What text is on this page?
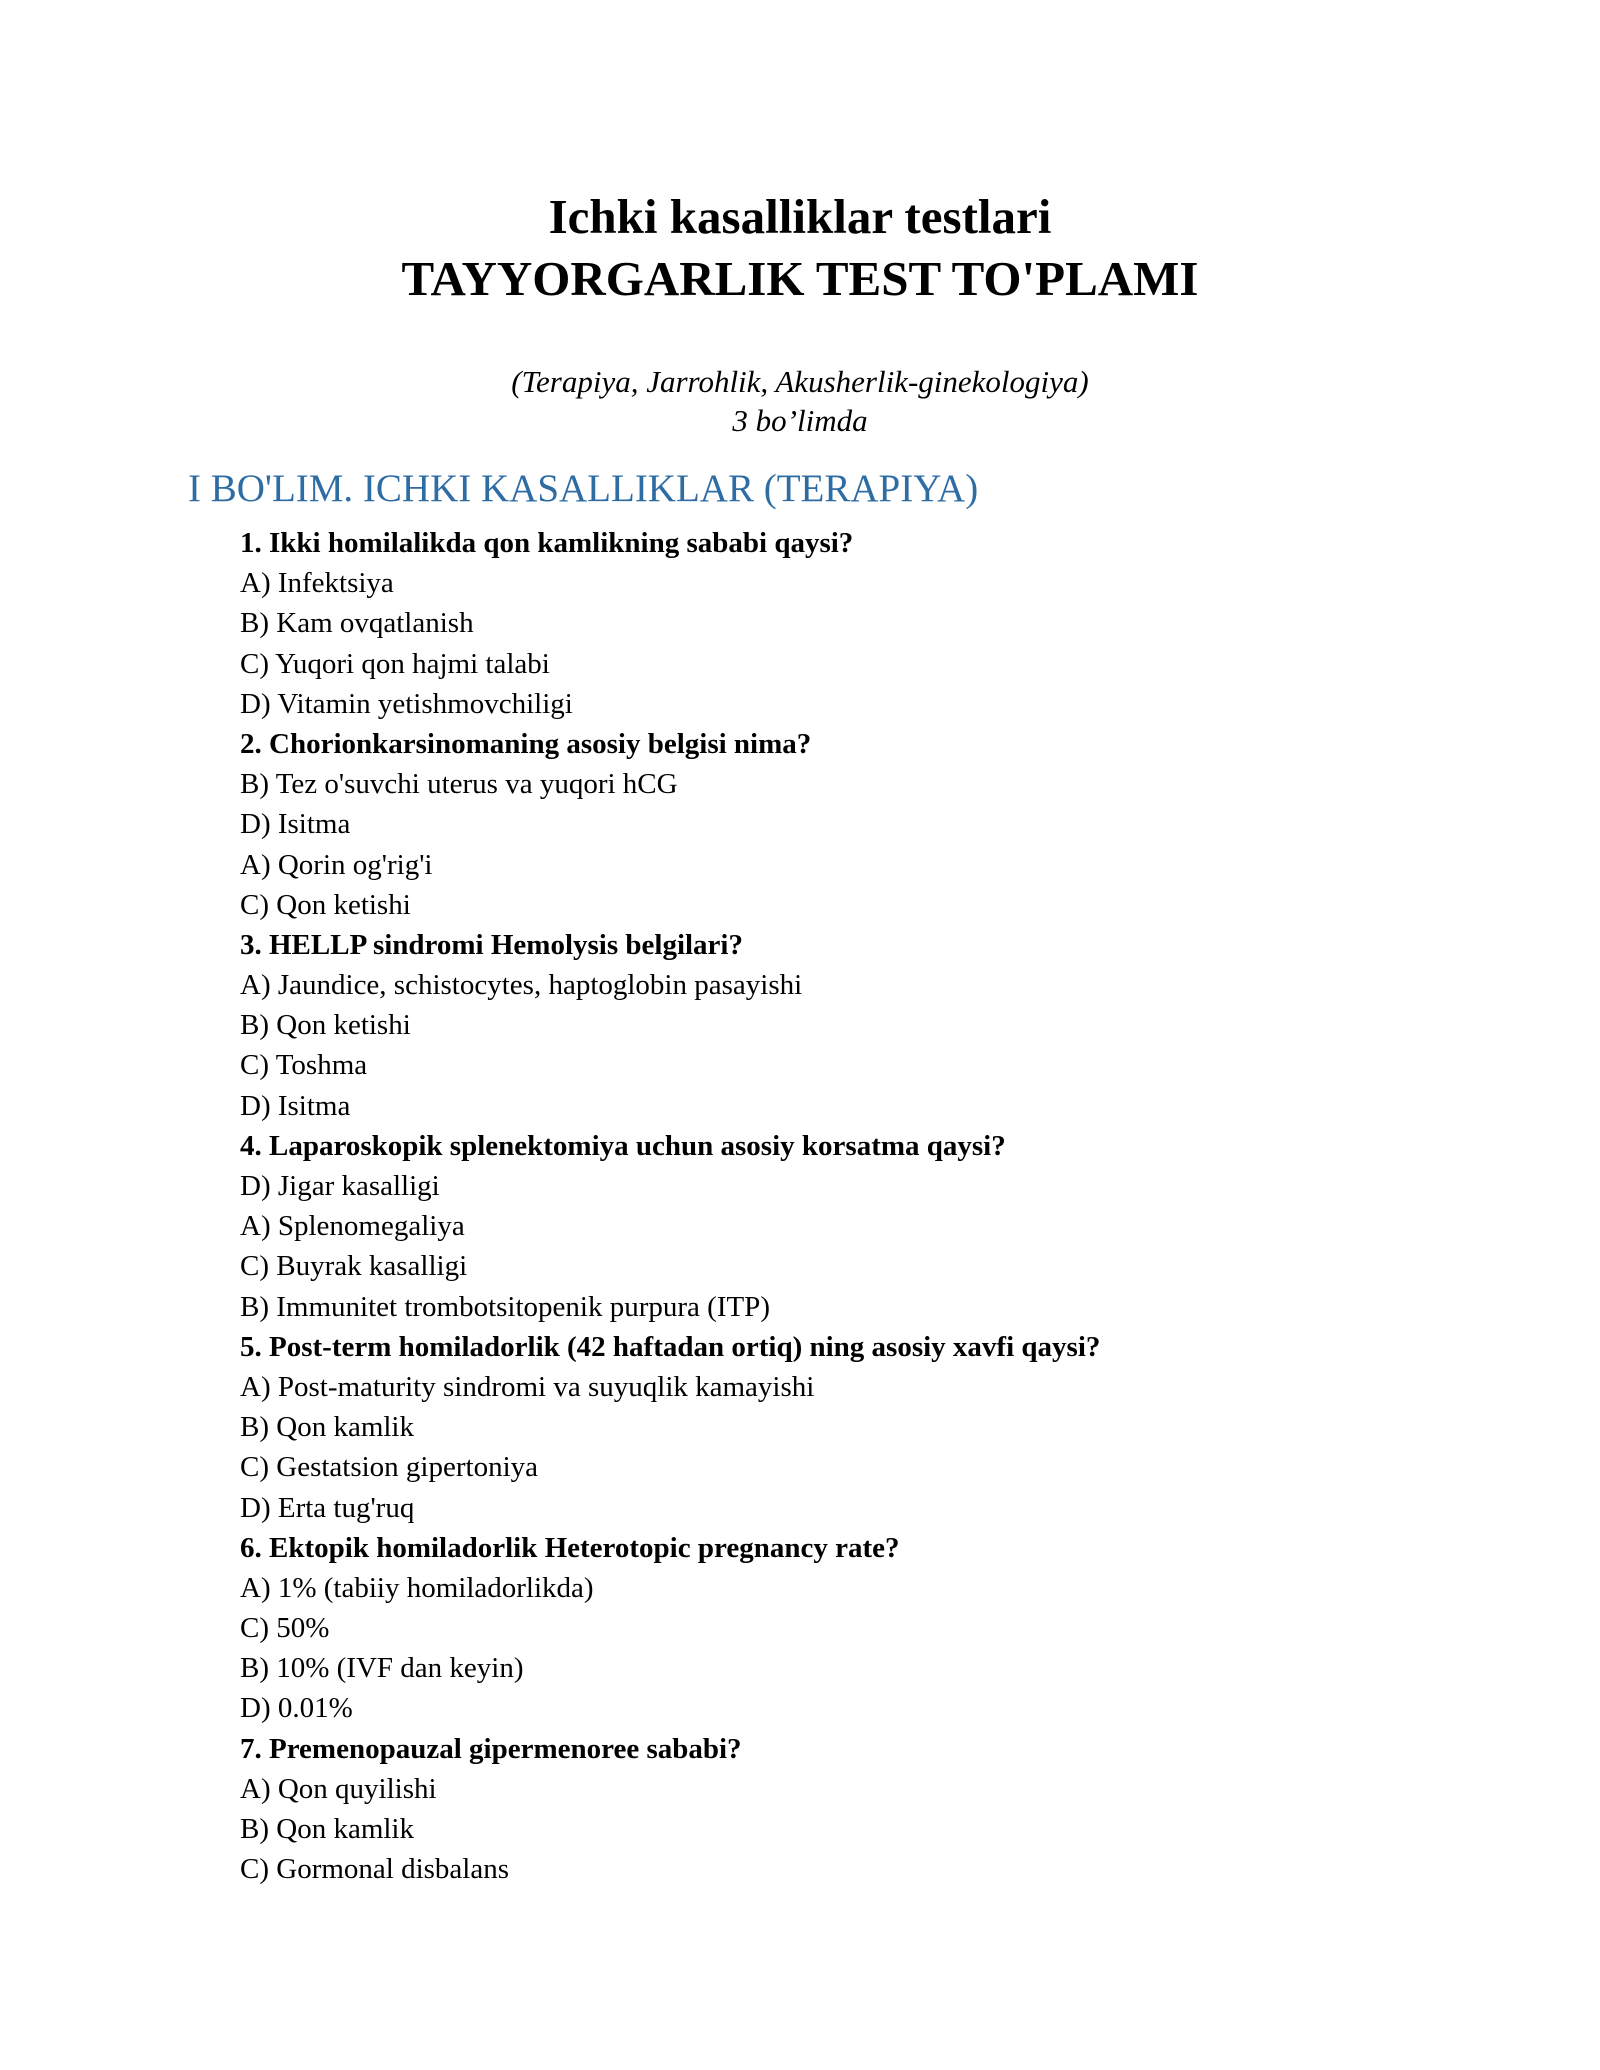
Ichki kasalliklar testlari
TAYYORGARLIK TEST TO'PLAMI
(Terapiya, Jarrohlik, Akusherlik-ginekologiya)
3 bo’limda
I BO'LIM. ICHKI KASALLIKLAR (TERAPIYA)
1. Ikki homilalikda qon kamlikning sababi qaysi?
A) Infektsiya
B) Kam ovqatlanish
C) Yuqori qon hajmi talabi
D) Vitamin yetishmovchiligi
2. Chorionkarsinomaning asosiy belgisi nima?
B) Tez o'suvchi uterus va yuqori hCG
D) Isitma
A) Qorin og'rig'i
C) Qon ketishi
3. HELLP sindromi Hemolysis belgilari?
A) Jaundice, schistocytes, haptoglobin pasayishi
B) Qon ketishi
C) Toshma
D) Isitma
4. Laparoskopik splenektomiya uchun asosiy korsatma qaysi?
D) Jigar kasalligi
A) Splenomegaliya
C) Buyrak kasalligi
B) Immunitet trombotsitopenik purpura (ITP)
5. Post-term homiladorlik (42 haftadan ortiq) ning asosiy xavfi qaysi?
A) Post-maturity sindromi va suyuqlik kamayishi
B) Qon kamlik
C) Gestatsion gipertoniya
D) Erta tug'ruq
6. Ektopik homiladorlik Heterotopic pregnancy rate?
A) 1% (tabiiy homiladorlikda)
C) 50%
B) 10% (IVF dan keyin)
D) 0.01%
7. Premenopauzal gipermenoree sababi?
A) Qon quyilishi
B) Qon kamlik
C) Gormonal disbalans
